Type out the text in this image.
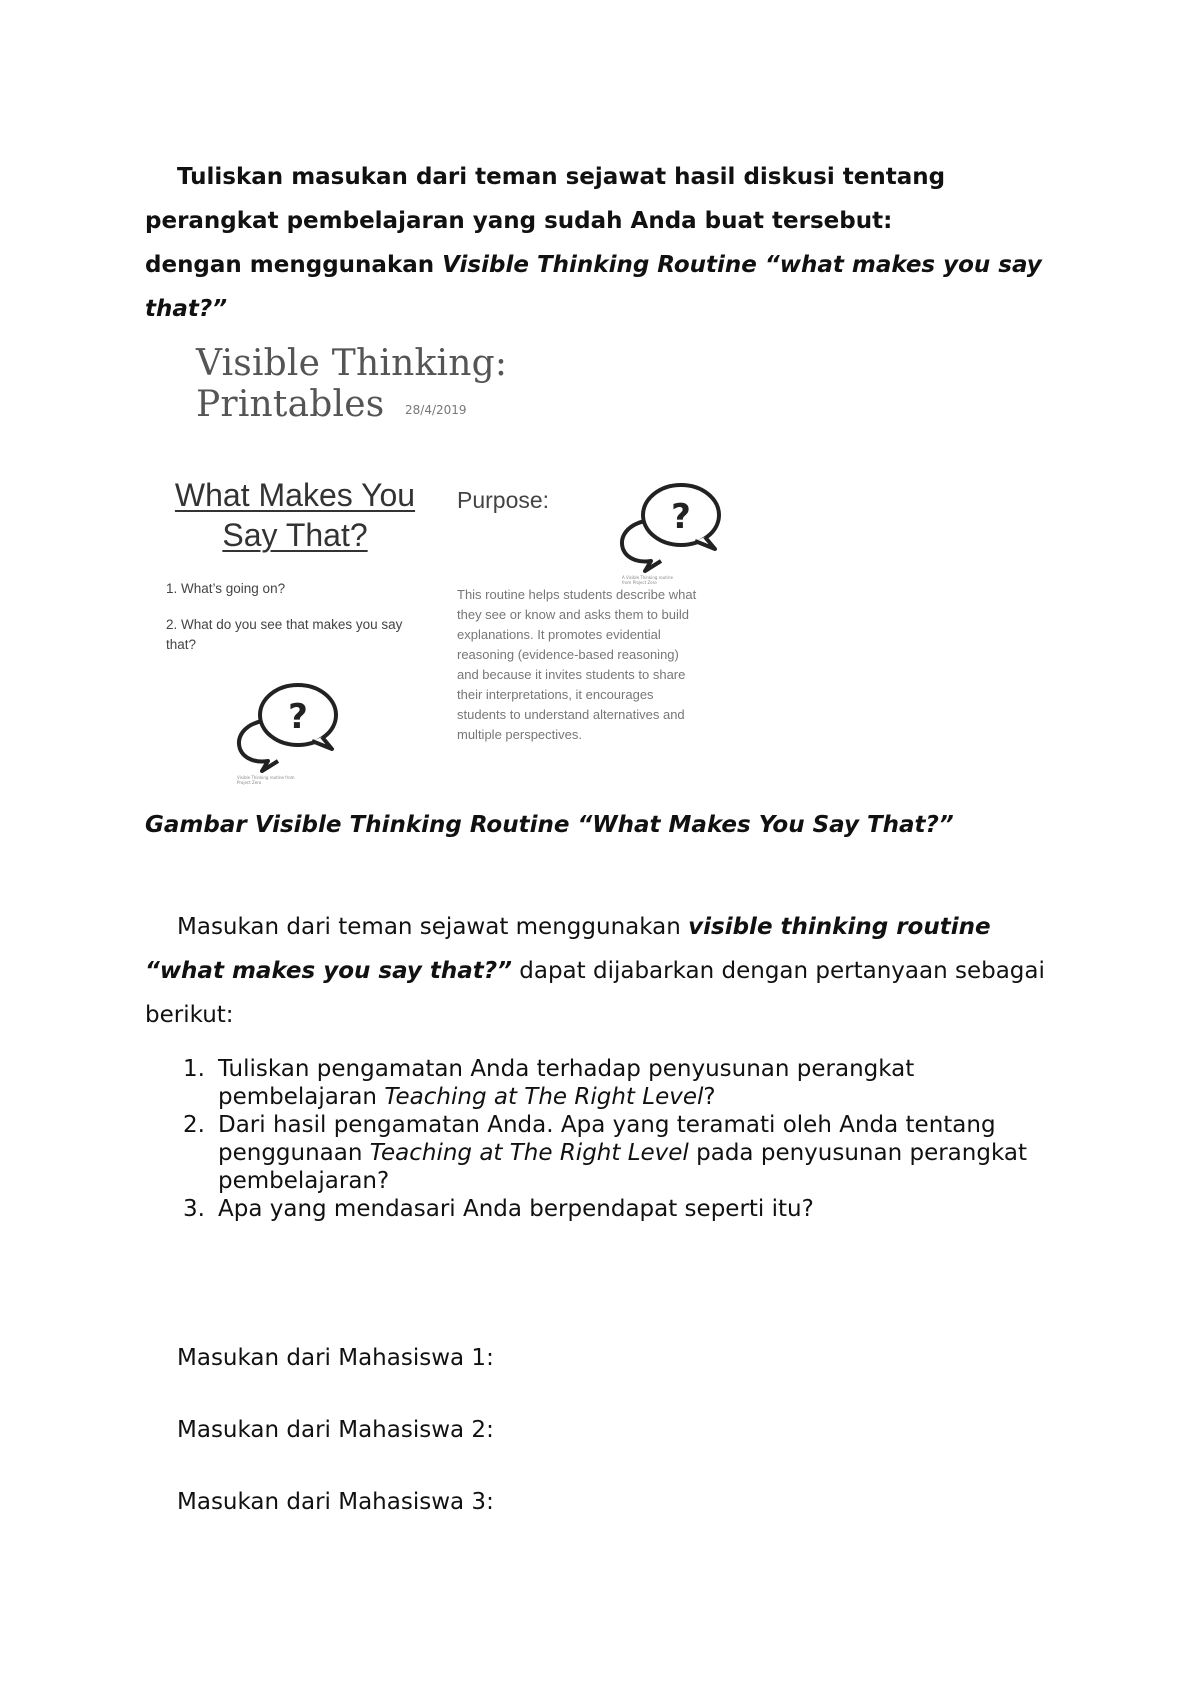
Tuliskan masukan dari teman sejawat hasil diskusi tentang
perangkat pembelajaran yang sudah Anda buat tersebut:
dengan menggunakan Visible Thinking Routine “what makes you say that?”
Visible Thinking: Printables	28/4/2019
What Makes You Say That?
1. What’s going on?
2. What do you see that makes you say that?
Purpose:
This routine helps students describe what they see or know and asks them to build explanations. It promotes evidential reasoning (evidence-based reasoning) and because it invites students to share their interpretations, it encourages students to understand alternatives and multiple perspectives.
?
A Visible Thinking routine from Project Zero
?
Visible Thinking routine from Project Zero
Gambar Visible Thinking Routine “What Makes You Say That?”
Masukan dari teman sejawat menggunakan visible thinking routine “what makes you say that?” dapat dijabarkan dengan pertanyaan sebagai berikut:
1. Tuliskan pengamatan Anda terhadap penyusunan perangkat pembelajaran Teaching at The Right Level?
2. Dari hasil pengamatan Anda. Apa yang teramati oleh Anda tentang penggunaan Teaching at The Right Level pada penyusunan perangkat pembelajaran?
3. Apa yang mendasari Anda berpendapat seperti itu?
Masukan dari Mahasiswa 1:
Masukan dari Mahasiswa 2:
Masukan dari Mahasiswa 3:
